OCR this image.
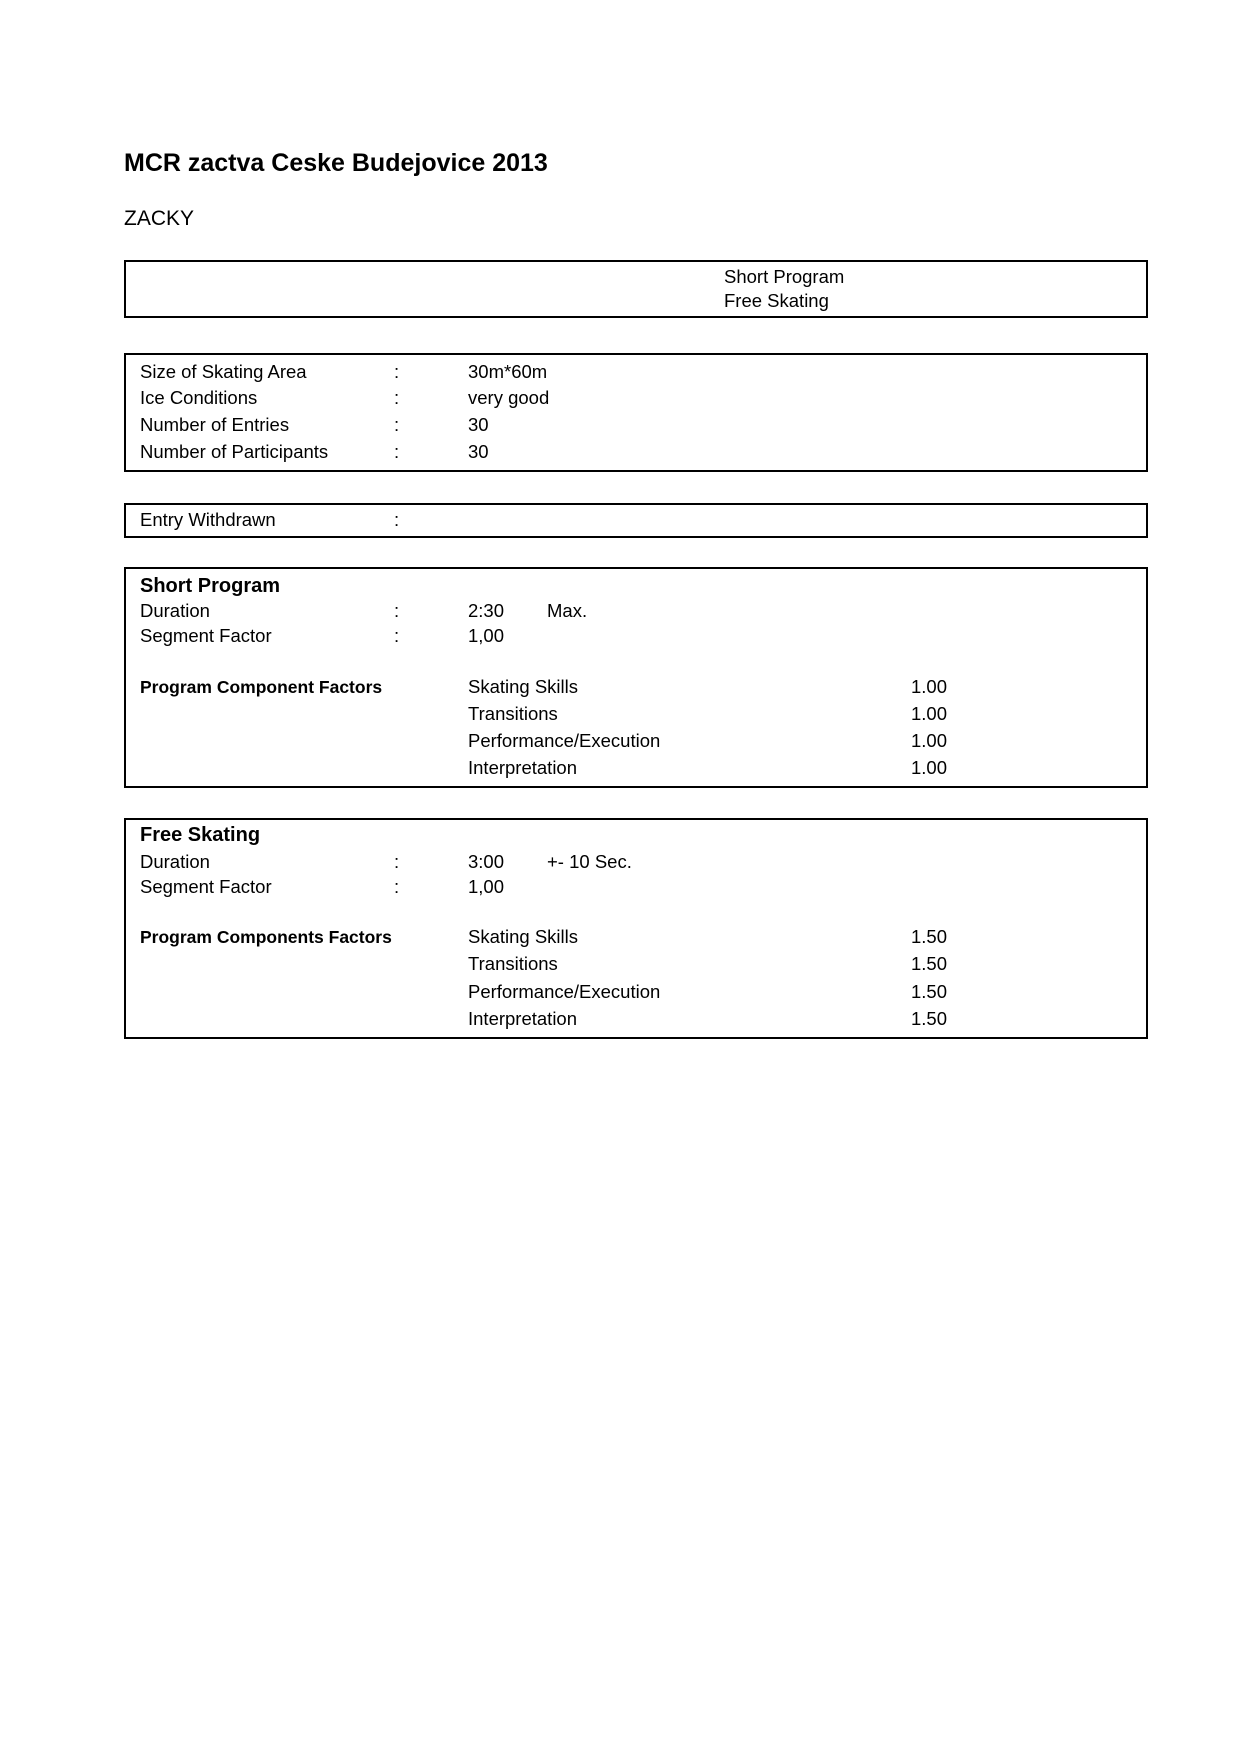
MCR zactva Ceske Budejovice 2013
ZACKY
Short Program
Free Skating
Size of Skating Area	:	30m*60m
Ice Conditions	:	very good
Number of Entries	:	30
Number of Participants	:	30
Entry Withdrawn	:
Short Program
Duration	:	2:30 Max.
Segment Factor	:	1,00
Program Component Factors	Skating Skills	1.00
Transitions	1.00
Performance/Execution	1.00
Interpretation	1.00
Free Skating
Duration	:	3:00 +- 10 Sec.
Segment Factor	:	1,00
Program Components Factors	Skating Skills	1.50
Transitions	1.50
Performance/Execution	1.50
Interpretation	1.50
